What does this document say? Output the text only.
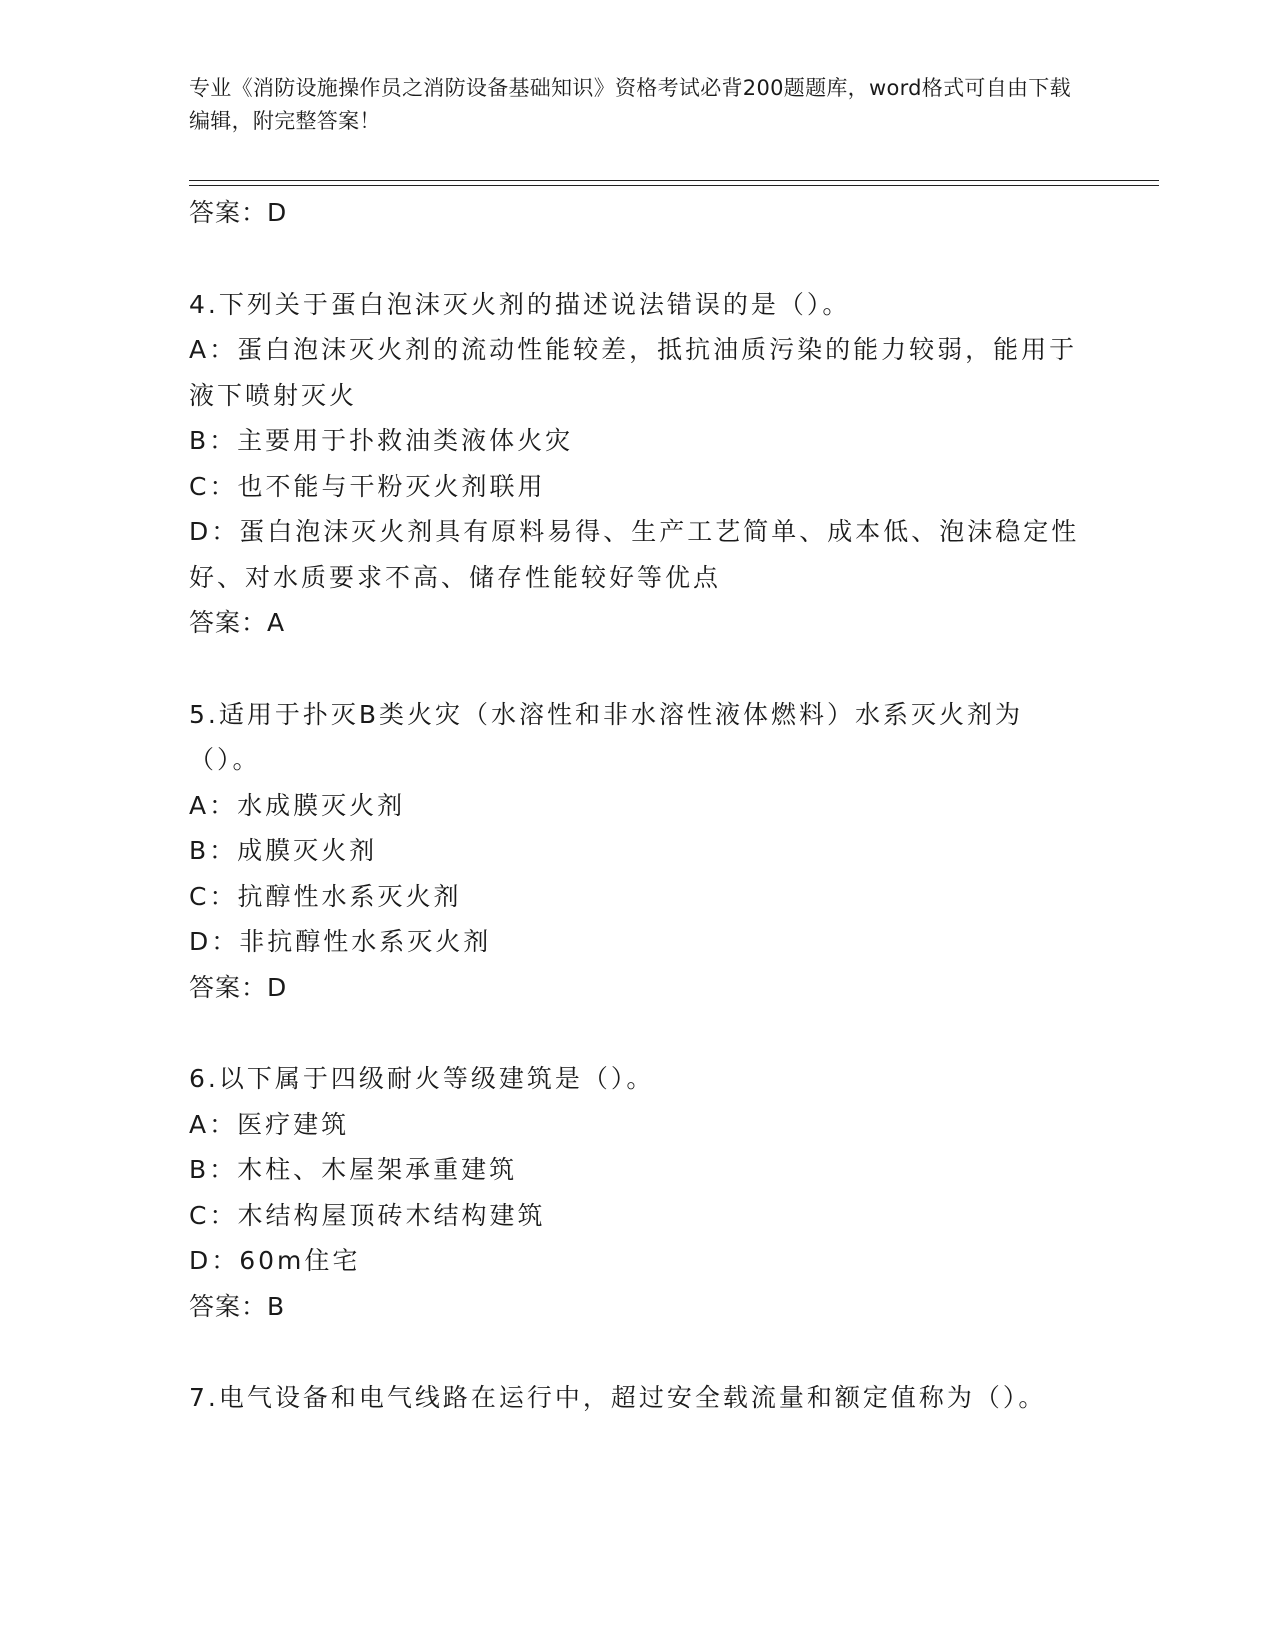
专业《消防设施操作员之消防设备基础知识》资格考试必背200题题库，word格式可自由下载编辑，附完整答案！
答案：D
4.下列关于蛋白泡沫灭火剂的描述说法错误的是（）。
A：蛋白泡沫灭火剂的流动性能较差，抵抗油质污染的能力较弱，能用于液下喷射灭火
B：主要用于扑救油类液体火灾
C：也不能与干粉灭火剂联用
D：蛋白泡沫灭火剂具有原料易得、生产工艺简单、成本低、泡沫稳定性好、对水质要求不高、储存性能较好等优点
答案：A
5.适用于扑灭B类火灾（水溶性和非水溶性液体燃料）水系灭火剂为（）。
A：水成膜灭火剂
B：成膜灭火剂
C：抗醇性水系灭火剂
D：非抗醇性水系灭火剂
答案：D
6.以下属于四级耐火等级建筑是（）。
A：医疗建筑
B：木柱、木屋架承重建筑
C：木结构屋顶砖木结构建筑
D：60m住宅
答案：B
7.电气设备和电气线路在运行中，超过安全载流量和额定值称为（）。
